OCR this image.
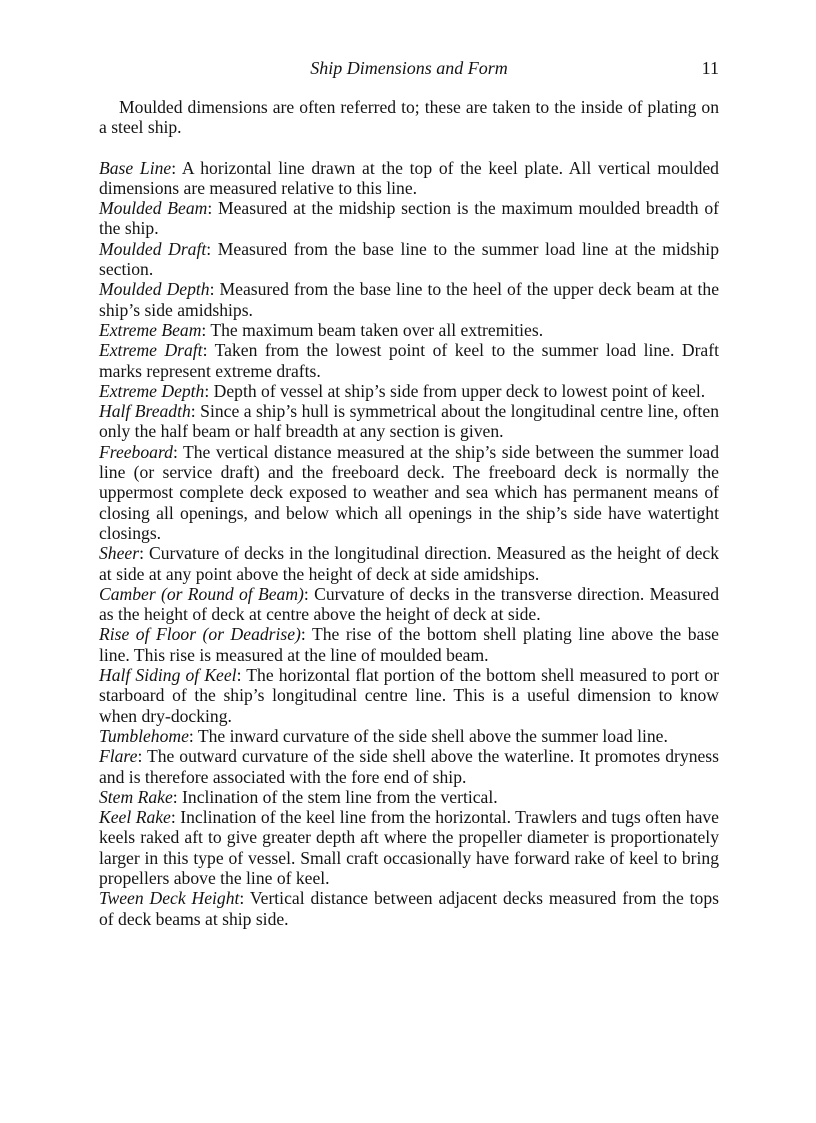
Ship Dimensions and Form	11

Moulded dimensions are often referred to; these are taken to the inside of plating on a steel ship.

Base Line: A horizontal line drawn at the top of the keel plate. All vertical moulded dimensions are measured relative to this line.

Moulded Beam: Measured at the midship section is the maximum moulded breadth of the ship.

Moulded Draft: Measured from the base line to the summer load line at the midship section.

Moulded Depth: Measured from the base line to the heel of the upper deck beam at the ship’s side amidships.

Extreme Beam: The maximum beam taken over all extremities.

Extreme Draft: Taken from the lowest point of keel to the summer load line. Draft marks represent extreme drafts.

Extreme Depth: Depth of vessel at ship’s side from upper deck to lowest point of keel.

Half Breadth: Since a ship’s hull is symmetrical about the longitudinal centre line, often only the half beam or half breadth at any section is given.

Freeboard: The vertical distance measured at the ship’s side between the summer load line (or service draft) and the freeboard deck. The freeboard deck is normally the uppermost complete deck exposed to weather and sea which has permanent means of closing all openings, and below which all openings in the ship’s side have watertight closings.

Sheer: Curvature of decks in the longitudinal direction. Measured as the height of deck at side at any point above the height of deck at side amidships.

Camber (or Round of Beam): Curvature of decks in the transverse direction. Measured as the height of deck at centre above the height of deck at side.

Rise of Floor (or Deadrise): The rise of the bottom shell plating line above the base line. This rise is measured at the line of moulded beam.

Half Siding of Keel: The horizontal flat portion of the bottom shell measured to port or starboard of the ship’s longitudinal centre line. This is a useful dimension to know when dry-docking.

Tumblehome: The inward curvature of the side shell above the summer load line.

Flare: The outward curvature of the side shell above the waterline. It promotes dryness and is therefore associated with the fore end of ship.

Stem Rake: Inclination of the stem line from the vertical.

Keel Rake: Inclination of the keel line from the horizontal. Trawlers and tugs often have keels raked aft to give greater depth aft where the propeller diameter is proportionately larger in this type of vessel. Small craft occasionally have forward rake of keel to bring propellers above the line of keel.

Tween Deck Height: Vertical distance between adjacent decks measured from the tops of deck beams at ship side.
